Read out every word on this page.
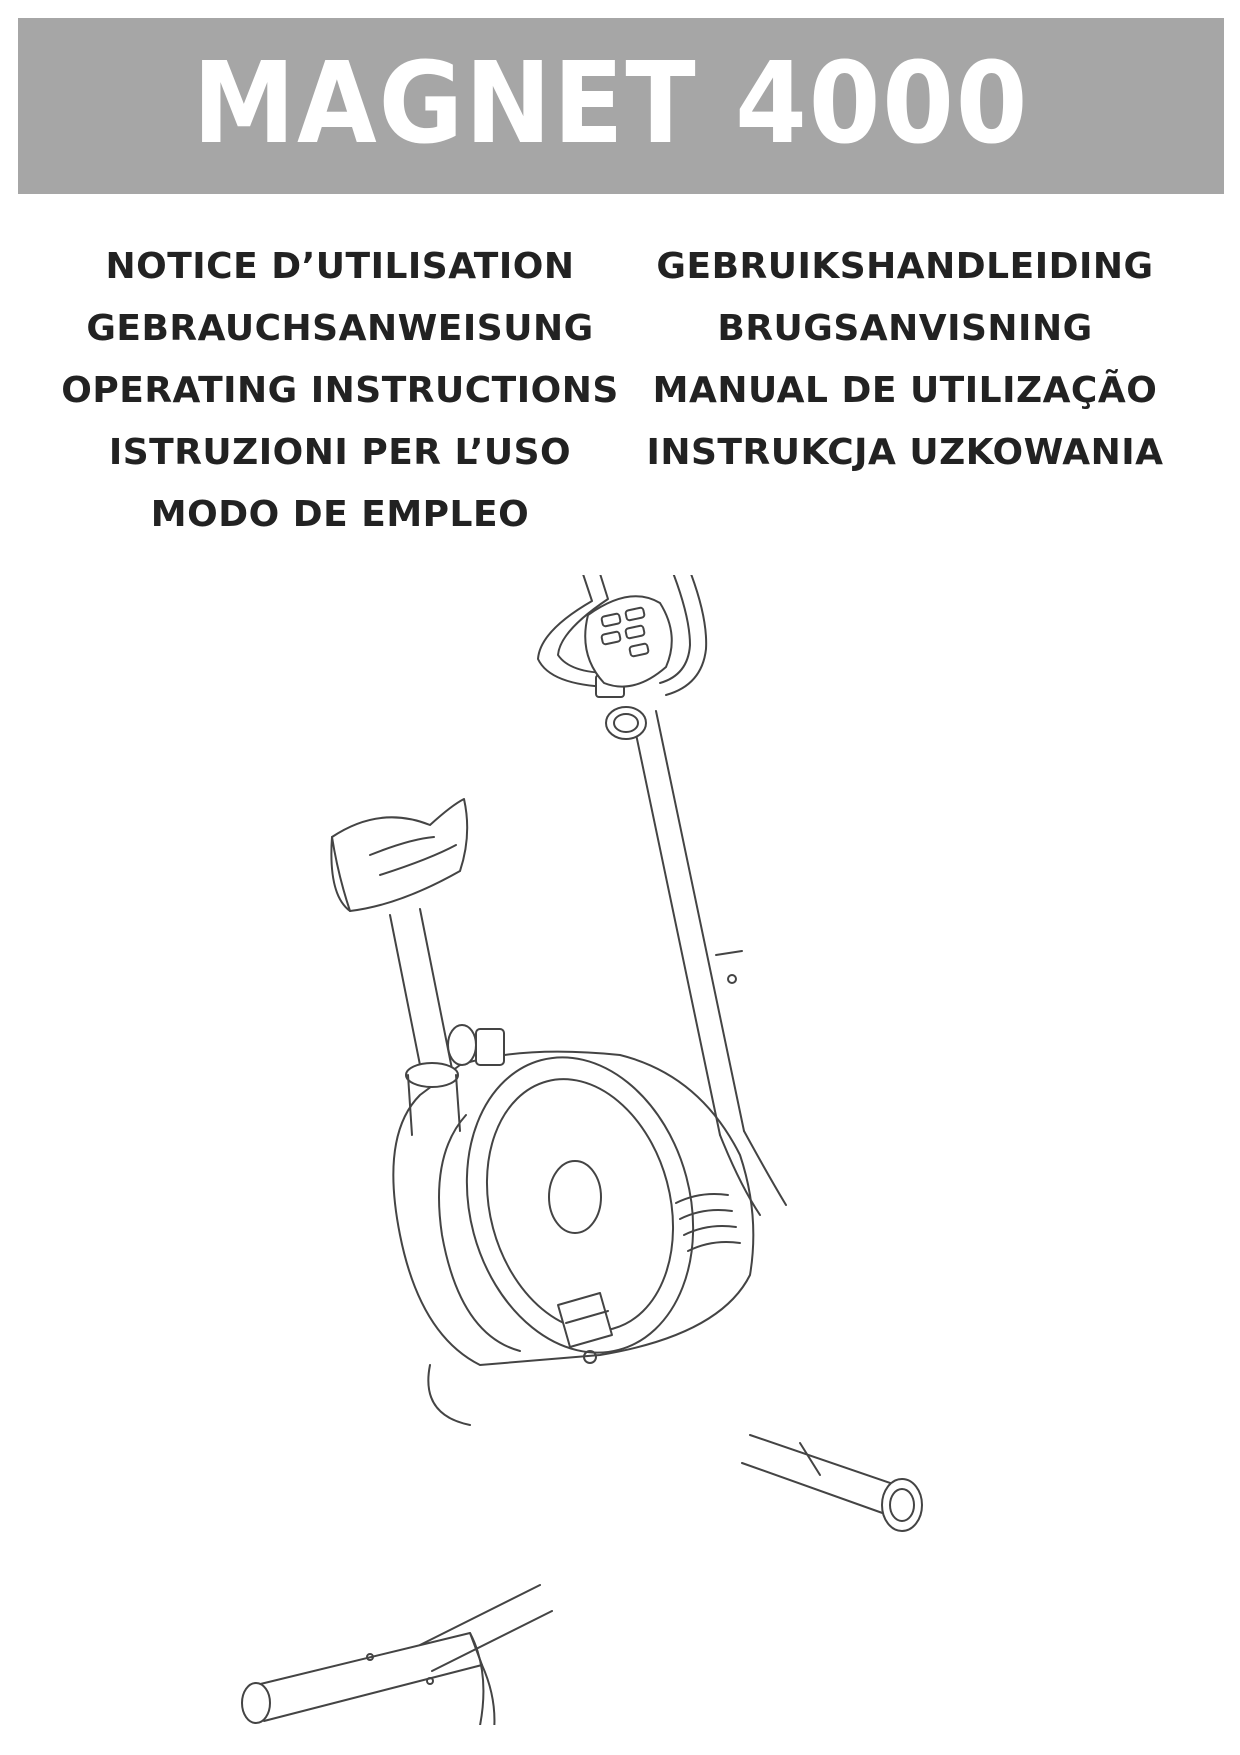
MAGNET 4000
NOTICE D’UTILISATION
GEBRAUCHSANWEISUNG
OPERATING INSTRUCTIONS
ISTRUZIONI PER L’USO
MODO DE EMPLEO
GEBRUIKSHANDLEIDING
BRUGSANVISNING
MANUAL DE UTILIZAÇÃO
INSTRUKCJA UZKOWANIA
